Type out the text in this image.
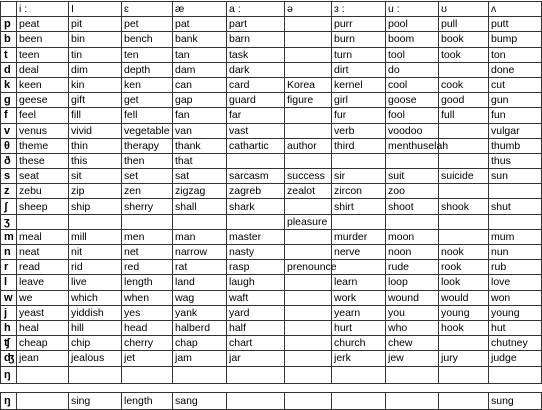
	i :	I	ɛ	æ	a :	ə	ɜ :	u :	ʊ	ʌ
p	peat	pit	pet	pat	part		purr	pool	pull	putt
b	been	bin	bench	bank	barn		burn	boom	book	bump
t	teen	tin	ten	tan	task		turn	tool	took	ton
d	deal	dim	depth	dam	dark		dirt	do		done
k	keen	kin	ken	can	card	Korea	kernel	cool	cook	cut
g	geese	gift	get	gap	guard	figure	girl	goose	good	gun
f	feel	fill	fell	fan	far		fur	fool	full	fun
v	venus	vivid	vegetable	van	vast		verb	voodoo		vulgar
θ	theme	thin	therapy	thank	cathartic	author	third	menthuselah		thumb
ð	these	this	then	that						thus
s	seat	sit	set	sat	sarcasm	success	sir	suit	suicide	sun
z	zebu	zip	zen	zigzag	zagreb	zealot	zircon	zoo		
ʃ	sheep	ship	sherry	shall	shark		shirt	shoot	shook	shut
ʒ						pleasure				
m	meal	mill	men	man	master		murder	moon		mum
n	neat	nit	net	narrow	nasty		nerve	noon	nook	nun
r	read	rid	red	rat	rasp	prenounce		rude	rook	rub
l	leave	live	length	land	laugh		learn	loop	look	love
w	we	which	when	wag	waft		work	wound	would	won
j	yeast	yiddish	yes	yank	yard		yearn	you	young	young
h	heal	hill	head	halberd	half		hurt	who	hook	hut
ʧ	cheap	chip	cherry	chap	chart		church	chew		chutney
ʤ	jean	jealous	jet	jam	jar		jerk	jew	jury	judge
ŋ										

ŋ		sing	length	sang						sung
